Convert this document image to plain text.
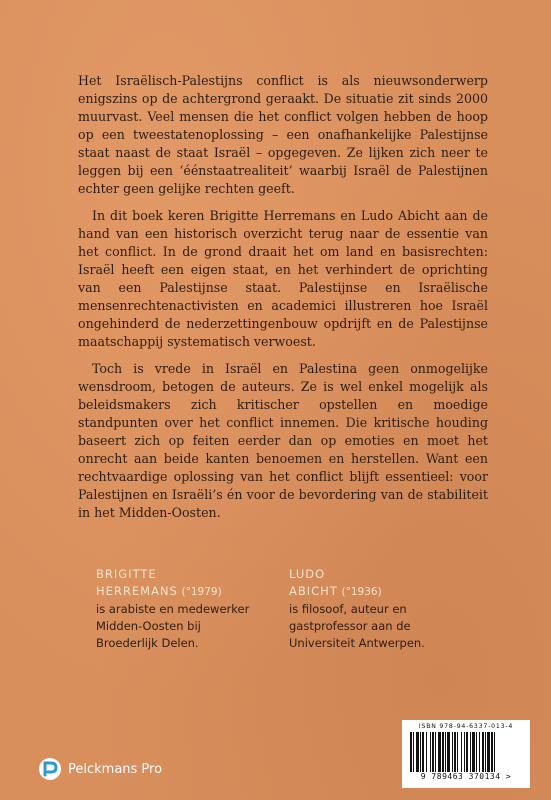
Het Israëlisch-Palestijns conflict is als nieuwsonderwerp enigszins op de achtergrond geraakt. De situatie zit sinds 2000 muurvast. Veel mensen die het conflict volgen hebben de hoop op een tweestatenoplossing – een onafhankelijke Palestijnse staat naast de staat Israël – opgegeven. Ze lijken zich neer te leggen bij een ‘éénstaatrealiteit’ waarbij Israël de Palestijnen echter geen gelijke rechten geeft.

In dit boek keren Brigitte Herremans en Ludo Abicht aan de hand van een historisch overzicht terug naar de essentie van het conflict. In de grond draait het om land en basisrechten: Israël heeft een eigen staat, en het verhindert de oprichting van een Palestijnse staat. Palestijnse en Israëlische mensenrechtenactivisten en academici illustreren hoe Israël ongehinderd de nederzettingenbouw opdrijft en de Palestijnse maatschappij systematisch verwoest.

Toch is vrede in Israël en Palestina geen onmogelijke wensdroom, betogen de auteurs. Ze is wel enkel mogelijk als beleidsmakers zich kritischer opstellen en moedige standpunten over het conflict innemen. Die kritische houding baseert zich op feiten eerder dan op emoties en moet het onrecht aan beide kanten benoemen en herstellen. Want een rechtvaardige oplossing van het conflict blijft essentieel: voor Palestijnen en Israëli’s én voor de bevordering van de stabiliteit in het Midden-Oosten.

BRIGITTE
HERREMANS (°1979)
is arabiste en medewerker
Midden-Oosten bij
Broederlijk Delen.
LUDO
ABICHT (°1936)
is filosoof, auteur en
gastprofessor aan de
Universiteit Antwerpen.
Pelckmans Pro
ISBN 978-94-6337-013-4
9 789463 370134 >
